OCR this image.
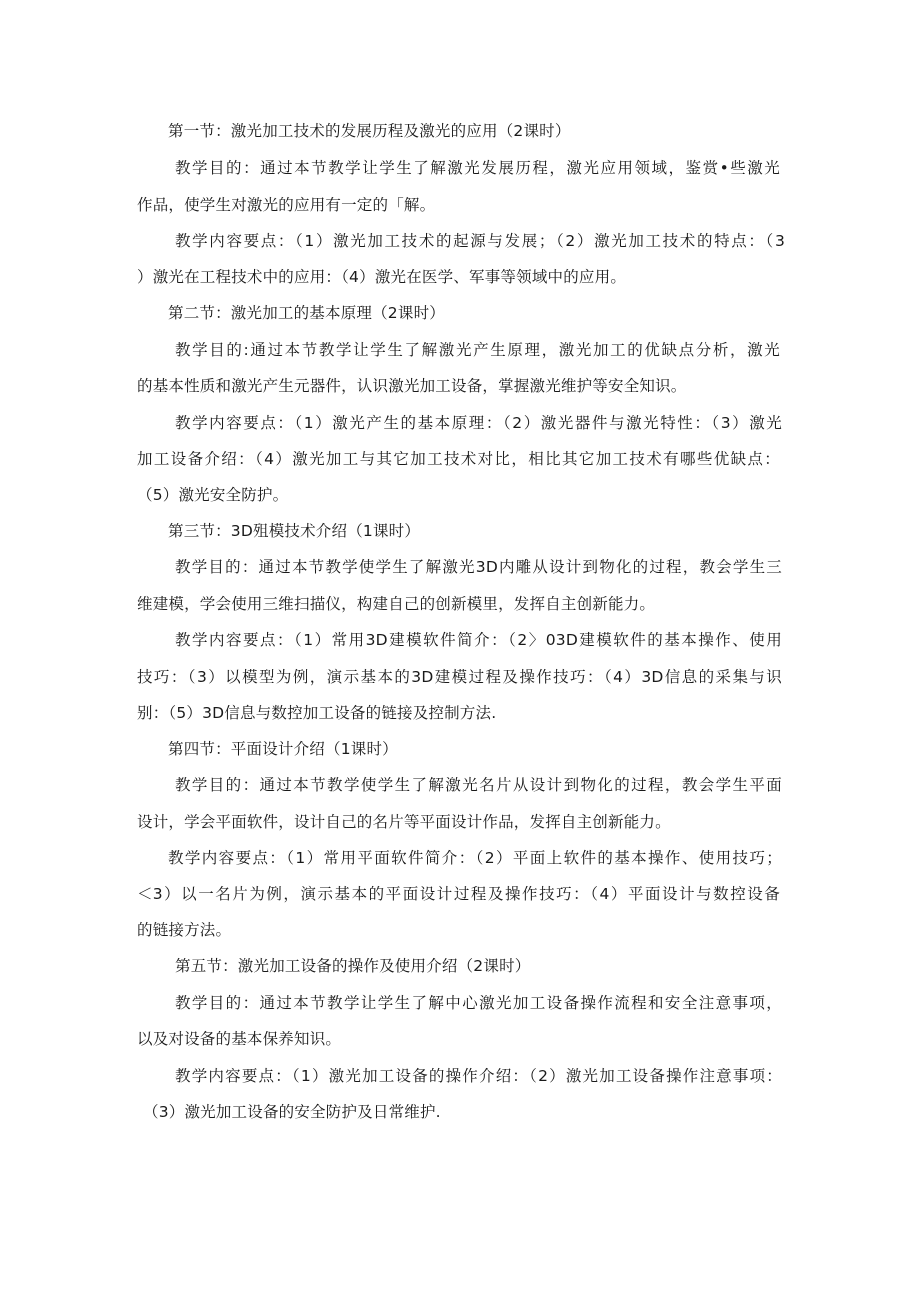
第一节：激光加工技术的发展历程及激光的应用（2课时）
教学目的：通过本节教学让学生了解激光发展历程，激光应用领域，鉴赏•些激光
作品，使学生对激光的应用有一定的「解。
教学内容要点：（1）激光加工技术的起源与发展；（2）激光加工技术的特点：（3
）激光在工程技术中的应用：（4）激光在医学、军事等领域中的应用。
第二节：激光加工的基本原理（2课时）
教学目的:通过本节教学让学生了解激光产生原理，激光加工的优缺点分析，激光
的基本性质和激光产生元器件，认识激光加工设备，掌握激光维护等安全知识。
教学内容要点：（1）激光产生的基本原理：（2）激光器件与激光特性：（3）激光
加工设备介绍：（4）激光加工与其它加工技术对比，相比其它加工技术有哪些优缺点：
（5）激光安全防护。
第三节：3D殂模技术介绍（1课时）
教学目的：通过本节教学使学生了解激光3D内雕从设计到物化的过程，教会学生三
维建模，学会使用三维扫描仪，构建自己的创新模里，发挥自主创新能力。
教学内容要点：（1）常用3D建模软件简介：（2〉03D建模软件的基本操作、使用
技巧：（3）以模型为例，演示基本的3D建模过程及操作技巧：（4）3D信息的采集与识
别：（5）3D信息与数控加工设备的链接及控制方法.
第四节：平面设计介绍（1课时）
教学目的：通过本节教学使学生了解激光名片从设计到物化的过程，教会学生平面
设计，学会平面软件，设计自己的名片等平面设计作品，发挥自主创新能力。
教学内容要点：（1）常用平面软件简介：（2）平面上软件的基本操作、使用技巧；
＜3）以一名片为例，演示基本的平面设计过程及操作技巧：（4）平面设计与数控设备
的链接方法。
第五节：激光加工设备的操作及使用介绍（2课时）
教学目的：通过本节教学让学生了解中心激光加工设备操作流程和安全注意事项，
以及对设备的基本保养知识。
教学内容要点：（1）激光加工设备的操作介绍：（2）激光加工设备操作注意事项：
（3）激光加工设备的安全防护及日常维护.
